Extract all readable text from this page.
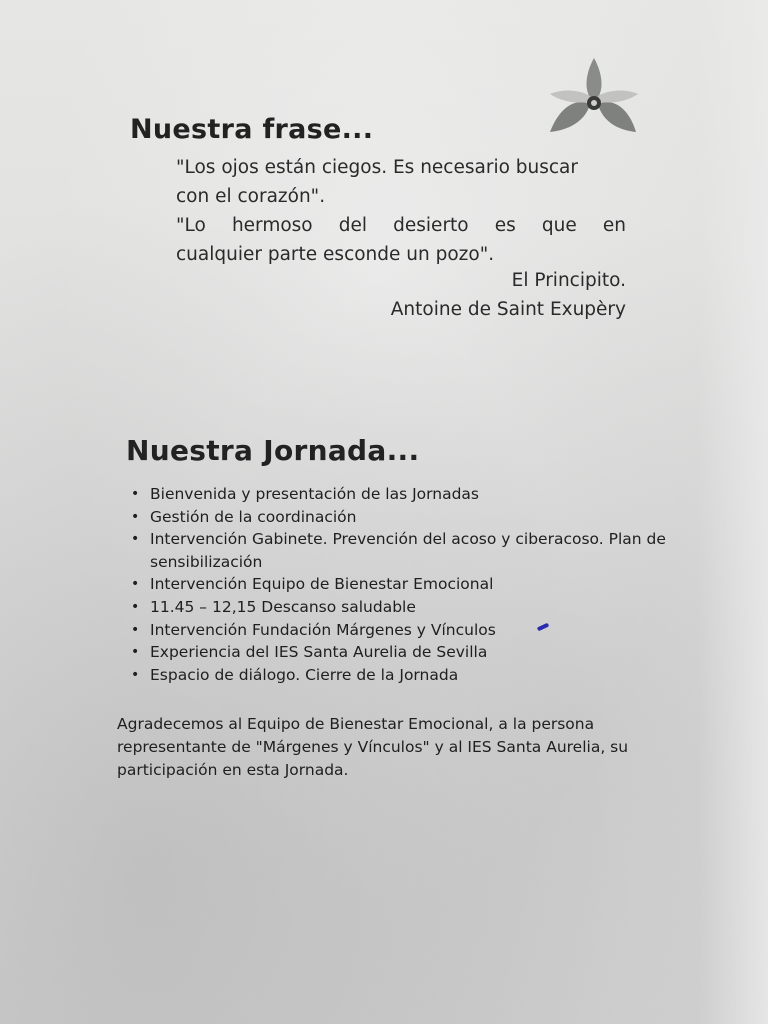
Nuestra frase...

"Los ojos están ciegos. Es necesario buscar
con el corazón".

"Lo hermoso del desierto es que en
cualquier parte esconde un pozo".

El Principito.

Antoine de Saint Exupèry

Nuestra Jornada...
• Bienvenida y presentación de las Jornadas
• Gestión de la coordinación
• Intervención Gabinete. Prevención del acoso y ciberacoso. Plan de sensibilización
• Intervención Equipo de Bienestar Emocional
• 11.45 – 12,15 Descanso saludable
• Intervención Fundación Márgenes y Vínculos
• Experiencia del IES Santa Aurelia de Sevilla
• Espacio de diálogo. Cierre de la Jornada

Agradecemos al Equipo de Bienestar Emocional, a la persona representante de "Márgenes y Vínculos" y al IES Santa Aurelia, su participación en esta Jornada.
